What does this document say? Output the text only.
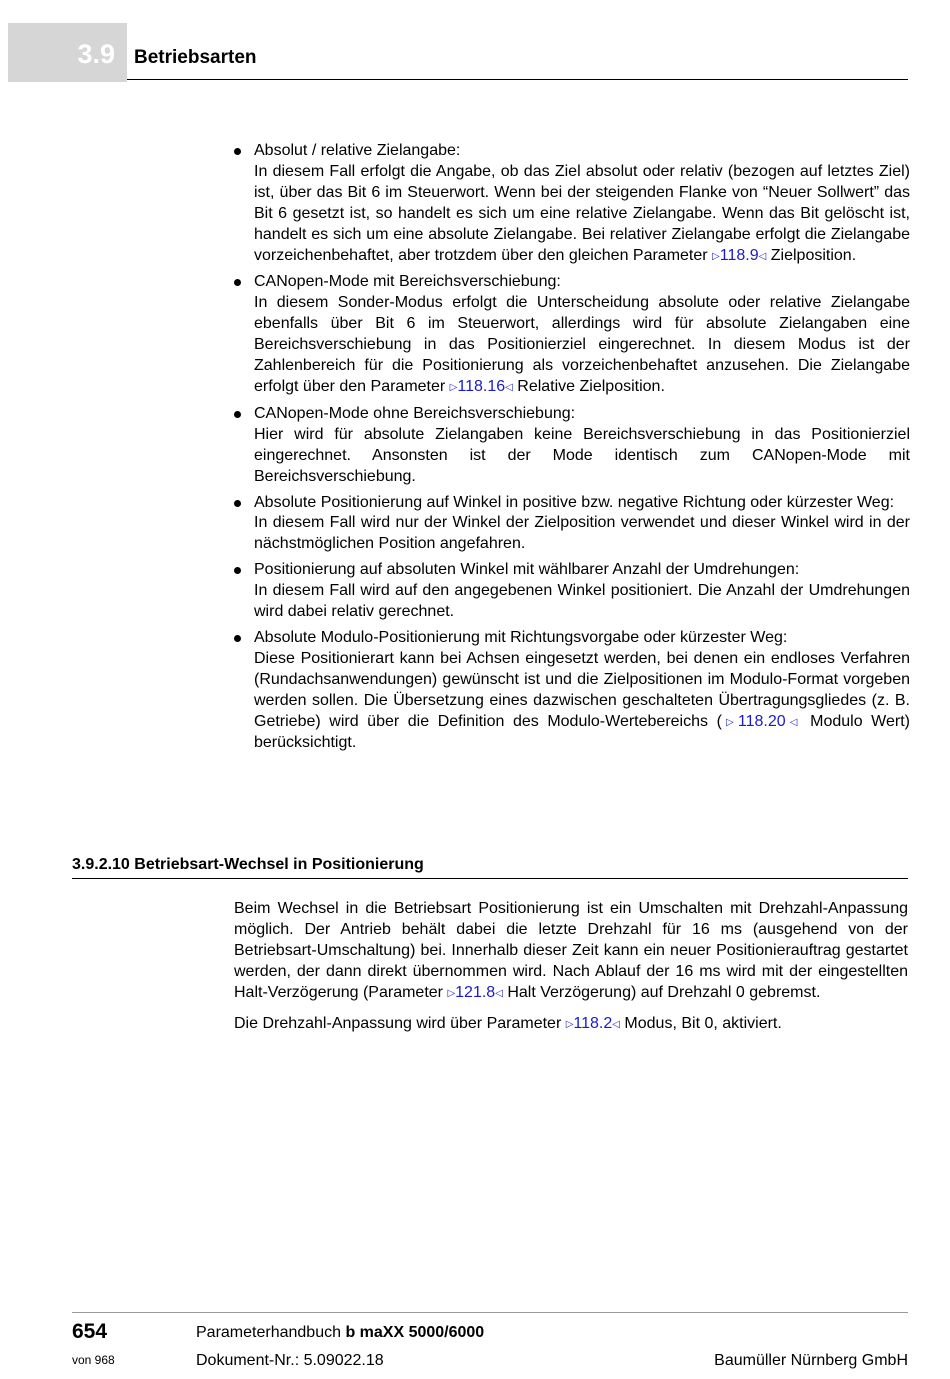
3.9 Betriebsarten
Absolut / relative Zielangabe:
In diesem Fall erfolgt die Angabe, ob das Ziel absolut oder relativ (bezogen auf letztes Ziel) ist, über das Bit 6 im Steuerwort. Wenn bei der steigenden Flanke von “Neuer Sollwert” das Bit 6 gesetzt ist, so handelt es sich um eine relative Zielangabe. Wenn das Bit gelöscht ist, handelt es sich um eine absolute Zielangabe. Bei relativer Zielangabe erfolgt die Zielangabe vorzeichenbehaftet, aber trotzdem über den gleichen Parameter ▷118.9◁ Zielposition.
CANopen-Mode mit Bereichsverschiebung:
In diesem Sonder-Modus erfolgt die Unterscheidung absolute oder relative Zielangabe ebenfalls über Bit 6 im Steuerwort, allerdings wird für absolute Zielangaben eine Bereichsverschiebung in das Positionierziel eingerechnet. In diesem Modus ist der Zahlenbereich für die Positionierung als vorzeichenbehaftet anzusehen. Die Zielangabe erfolgt über den Parameter ▷118.16◁ Relative Zielposition.
CANopen-Mode ohne Bereichsverschiebung:
Hier wird für absolute Zielangaben keine Bereichsverschiebung in das Positionierziel eingerechnet. Ansonsten ist der Mode identisch zum CANopen-Mode mit Bereichsverschiebung.
Absolute Positionierung auf Winkel in positive bzw. negative Richtung oder kürzester Weg:
In diesem Fall wird nur der Winkel der Zielposition verwendet und dieser Winkel wird in der nächstmöglichen Position angefahren.
Positionierung auf absoluten Winkel mit wählbarer Anzahl der Umdrehungen:
In diesem Fall wird auf den angegebenen Winkel positioniert. Die Anzahl der Umdrehungen wird dabei relativ gerechnet.
Absolute Modulo-Positionierung mit Richtungsvorgabe oder kürzester Weg:
Diese Positionierart kann bei Achsen eingesetzt werden, bei denen ein endloses Verfahren (Rundachsanwendungen) gewünscht ist und die Zielpositionen im Modulo-Format vorgeben werden sollen. Die Übersetzung eines dazwischen geschalteten Übertragungsgliedes (z. B. Getriebe) wird über die Definition des Modulo-Wertebereichs (▷118.20◁ Modulo Wert) berücksichtigt.
3.9.2.10 Betriebsart-Wechsel in Positionierung

Beim Wechsel in die Betriebsart Positionierung ist ein Umschalten mit Drehzahl-Anpassung möglich. Der Antrieb behält dabei die letzte Drehzahl für 16 ms (ausgehend von der Betriebsart-Umschaltung) bei. Innerhalb dieser Zeit kann ein neuer Positionierauftrag gestartet werden, der dann direkt übernommen wird. Nach Ablauf der 16 ms wird mit der eingestellten Halt-Verzögerung (Parameter ▷121.8◁ Halt Verzögerung) auf Drehzahl 0 gebremst.

Die Drehzahl-Anpassung wird über Parameter ▷118.2◁ Modus, Bit 0, aktiviert.

654
von 968
Parameterhandbuch b maXX 5000/6000
Dokument-Nr.: 5.09022.18	Baumüller Nürnberg GmbH
